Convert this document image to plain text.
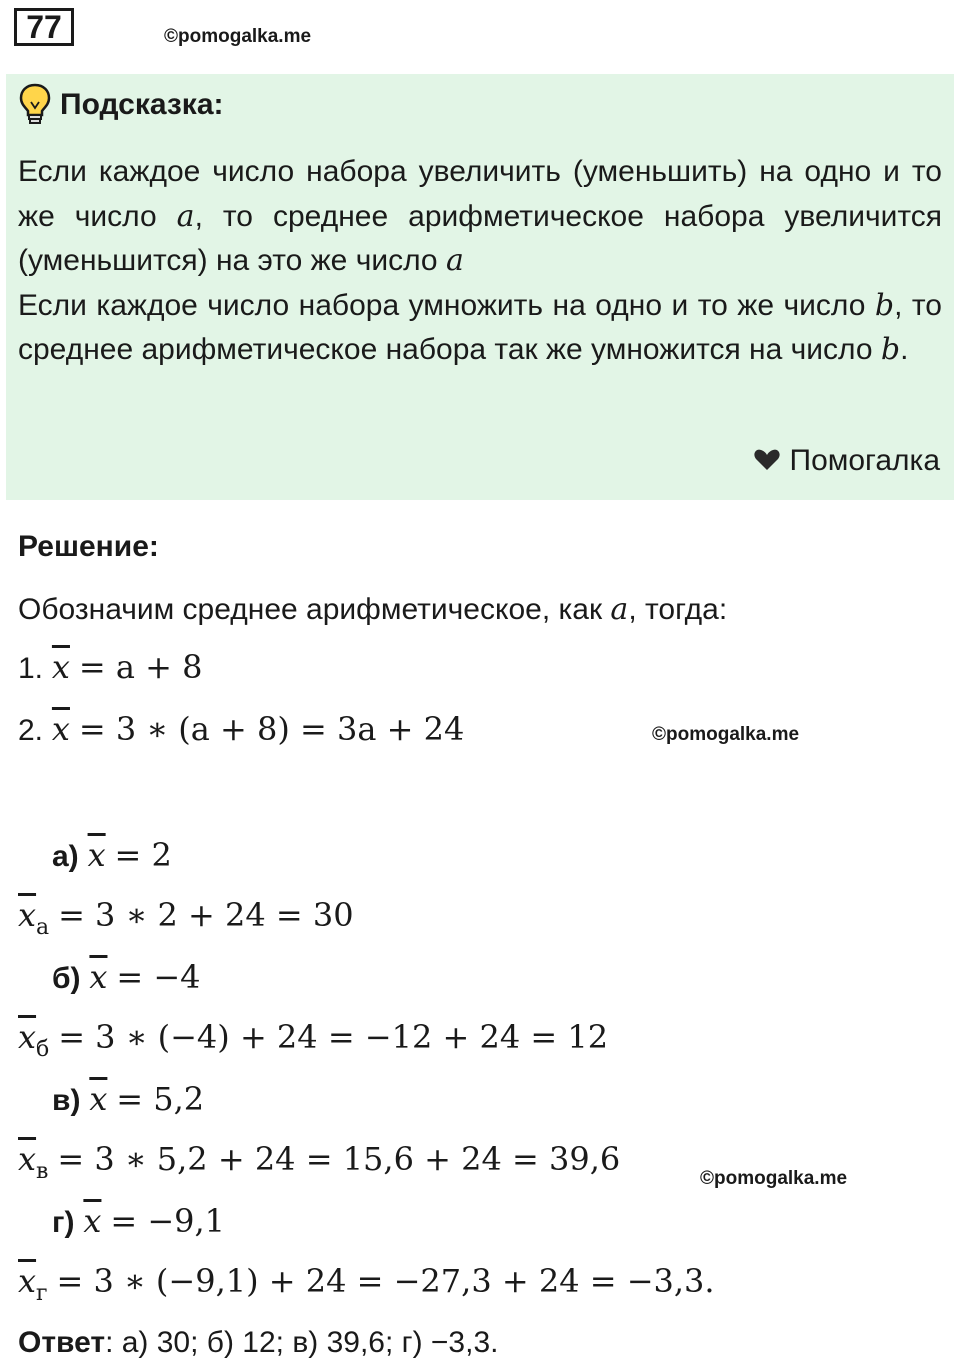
77	©pomogalka.me
Подсказка:

Если каждое число набора увеличить (уменьшить) на одно и то же число a, то среднее арифметическое набора увеличится (уменьшится) на это же число a

Если каждое число набора умножить на одно и то же число b, то среднее арифметическое набора так же умножится на число b.

Помогалка
Решение:
Обозначим среднее арифметическое, как a, тогда:
1. $\overline{x} = a + 8$
2. $\overline{x} = 3$ ∗ (a + 8) = 3a + 24	©pomogalka.me
а) $\overline{x} = 2$
$\overline{x}_а = 3$ ∗ 2 + 24 = 30
б) $\overline{x} = -4$
$\overline{x}_б = 3$ ∗ (−4) + 24 = −12 + 24 = 12
в) $\overline{x} = 5,2$
$\overline{x}_в = 3$ ∗ 5,2 + 24 = 15,6 + 24 = 39,6
©pomogalka.me
г) $\overline{x} = -9,1$
$\overline{x}_г = 3$ ∗ (−9,1) + 24 = −27,3 + 24 = −3,3.
Ответ: а) 30; б) 12; в) 39,6; г) −3,3.
